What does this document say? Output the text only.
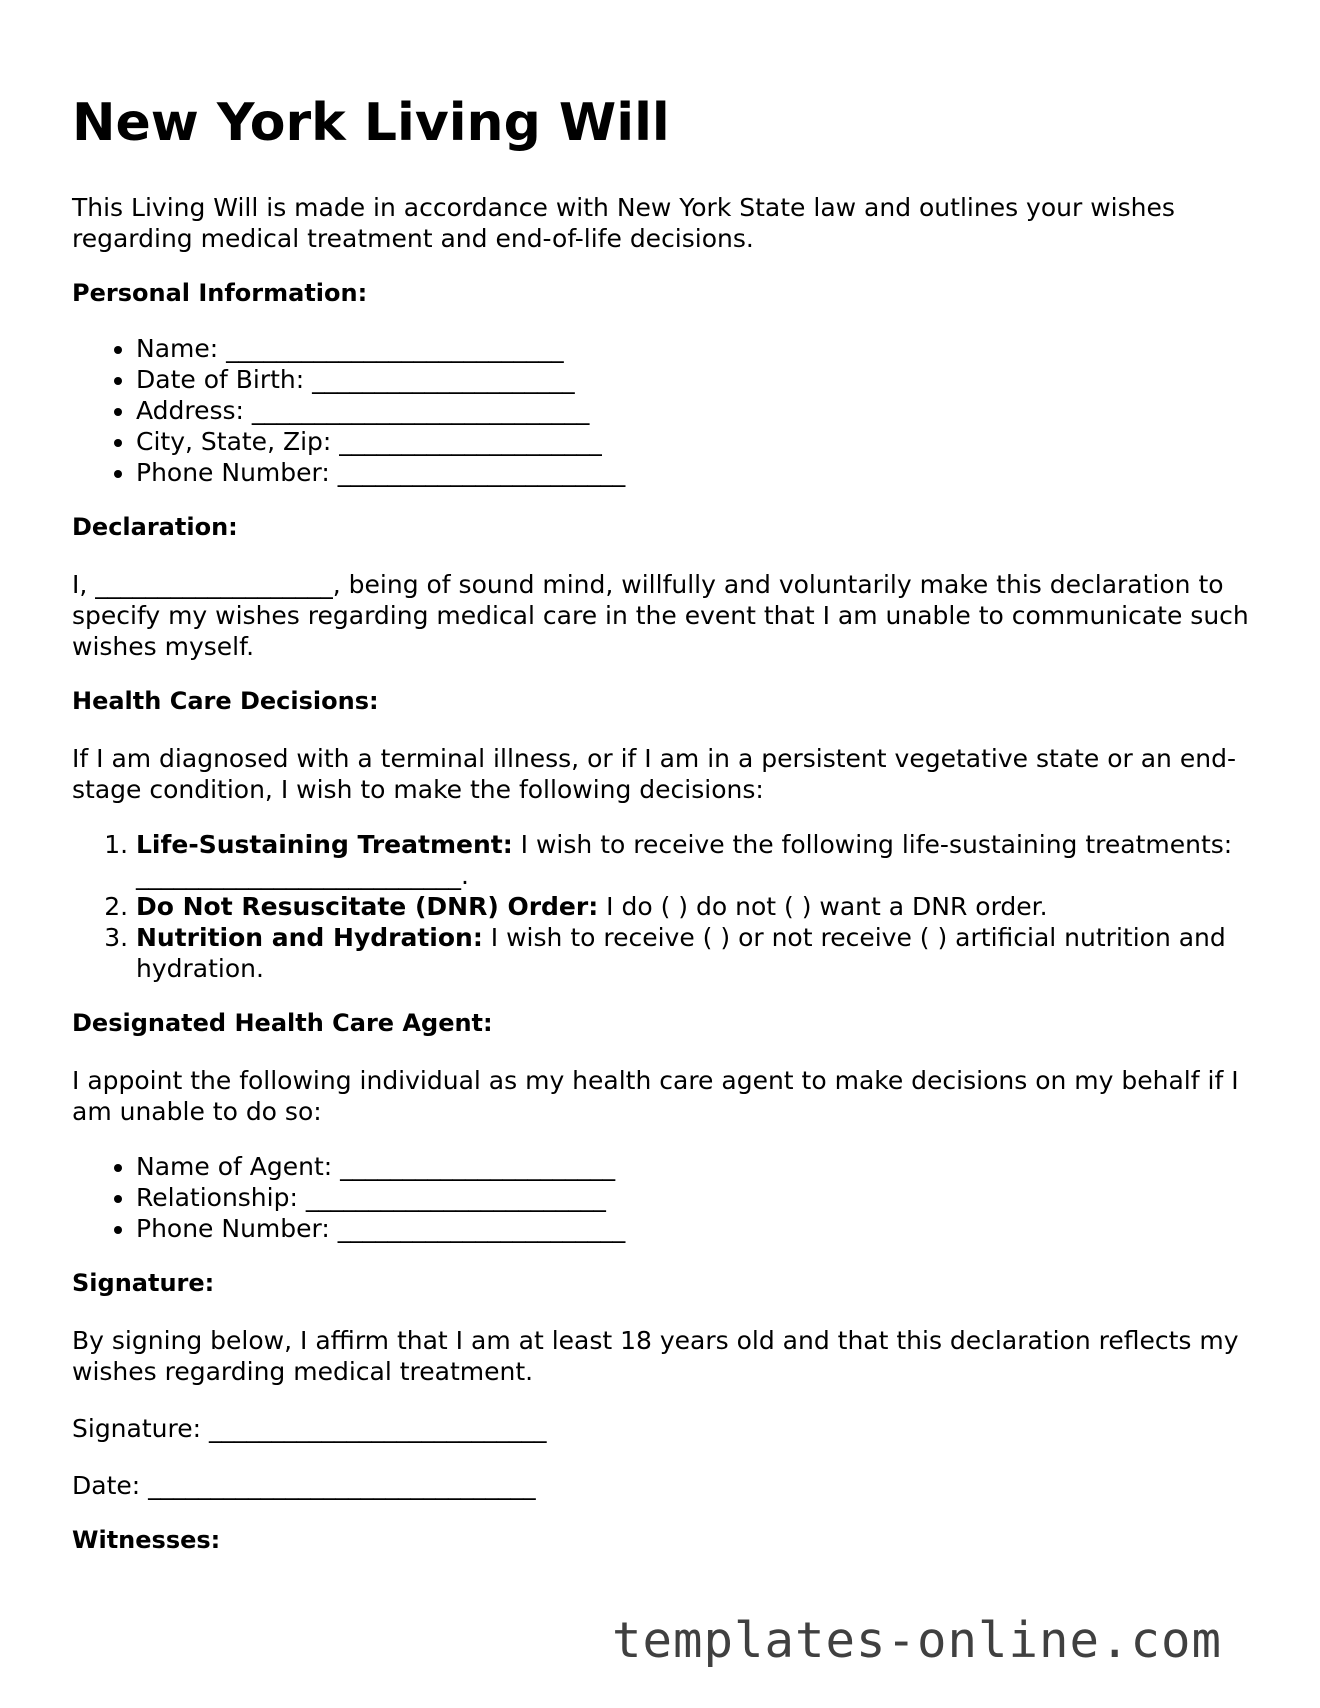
New York Living Will

This Living Will is made in accordance with New York State law and outlines your wishes regarding medical treatment and end-of-life decisions.

Personal Information:
• Name: ___________________________
• Date of Birth: _____________________
• Address: ___________________________
• City, State, Zip: _____________________
• Phone Number: _______________________
Declaration:

I, ___________________, being of sound mind, willfully and voluntarily make this declaration to specify my wishes regarding medical care in the event that I am unable to communicate such wishes myself.

Health Care Decisions:

If I am diagnosed with a terminal illness, or if I am in a persistent vegetative state or an end-stage condition, I wish to make the following decisions:

1. Life-Sustaining Treatment: I wish to receive the following life-sustaining treatments: __________________________.
2. Do Not Resuscitate (DNR) Order: I do ( ) do not ( ) want a DNR order.
3. Nutrition and Hydration: I wish to receive ( ) or not receive ( ) artificial nutrition and hydration.
Designated Health Care Agent:

I appoint the following individual as my health care agent to make decisions on my behalf if I am unable to do so:

• Name of Agent: ______________________
• Relationship: ________________________
• Phone Number: _______________________
Signature:

By signing below, I affirm that I am at least 18 years old and that this declaration reflects my wishes regarding medical treatment.

Signature: ___________________________

Date: _______________________________

Witnesses:
templates-online.com
